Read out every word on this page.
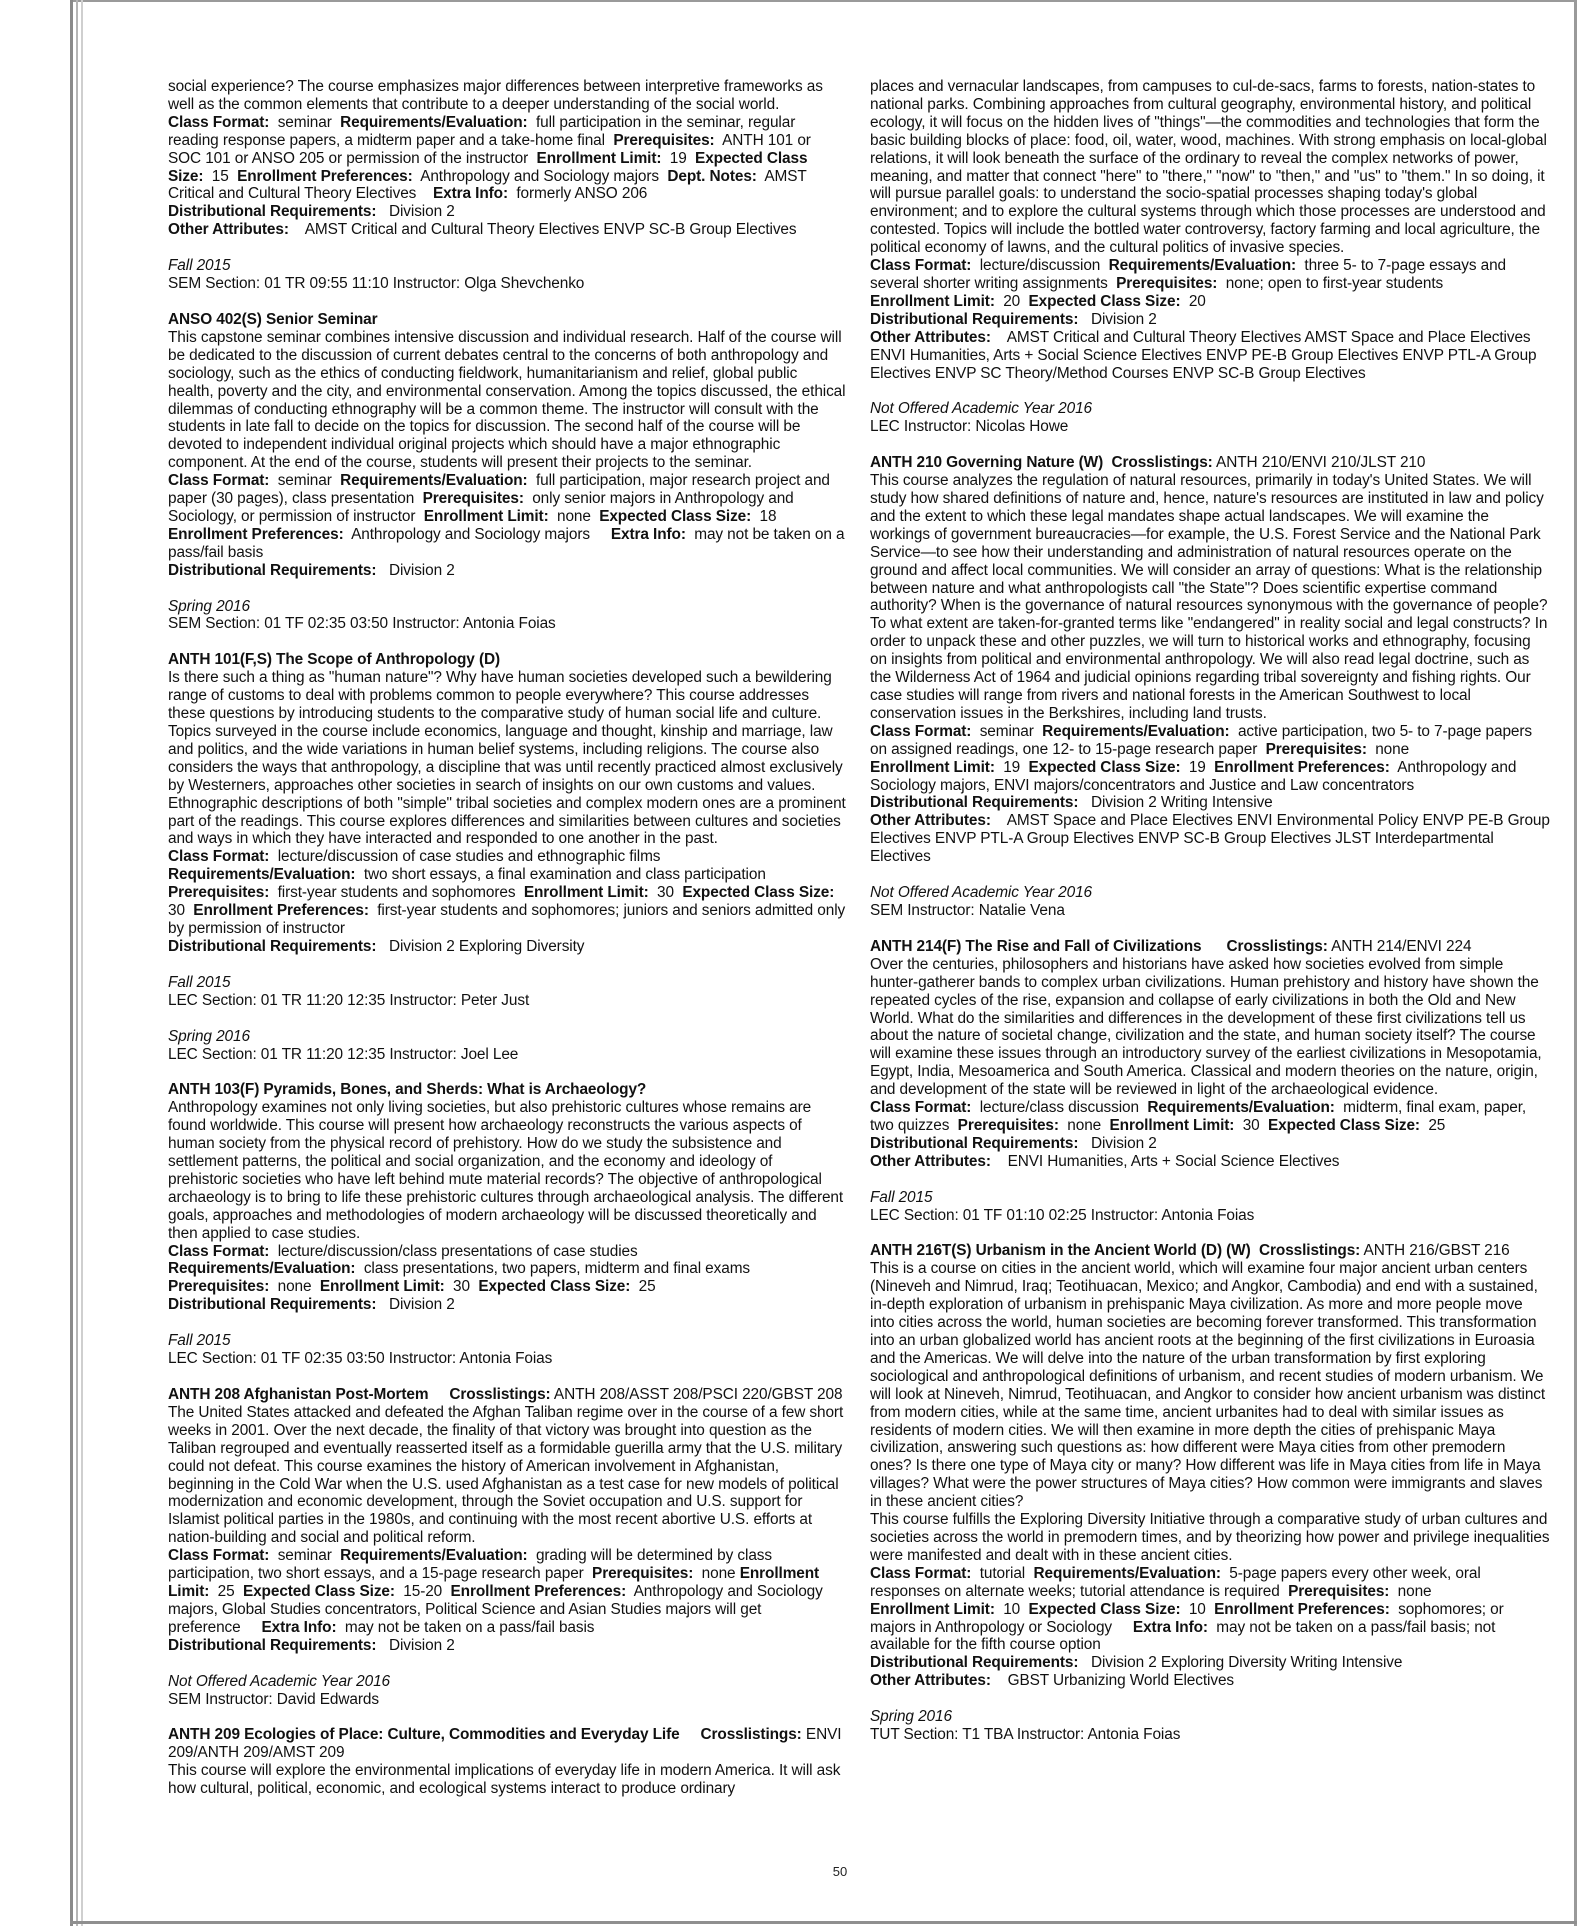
social experience? The course emphasizes major differences between interpretive frameworks as well as the common elements that contribute to a deeper understanding of the social world.

Class Format: seminar Requirements/Evaluation: full participation in the seminar, regular reading response papers, a midterm paper and a take-home final Prerequisites: ANTH 101 or SOC 101 or ANSO 205 or permission of the instructor Enrollment Limit: 19 Expected Class Size: 15 Enrollment Preferences: Anthropology and Sociology majors Dept. Notes: AMST Critical and Cultural Theory Electives Extra Info: formerly ANSO 206

Distributional Requirements: Division 2

Other Attributes: AMST Critical and Cultural Theory Electives ENVP SC-B Group Electives

Fall 2015

SEM Section: 01 TR 09:55 11:10 Instructor: Olga Shevchenko

ANSO 402(S) Senior Seminar

This capstone seminar combines intensive discussion and individual research. Half of the course will be dedicated to the discussion of current debates central to the concerns of both anthropology and sociology, such as the ethics of conducting fieldwork, humanitarianism and relief, global public health, poverty and the city, and environmental conservation. Among the topics discussed, the ethical dilemmas of conducting ethnography will be a common theme. The instructor will consult with the students in late fall to decide on the topics for discussion. The second half of the course will be devoted to independent individual original projects which should have a major ethnographic component. At the end of the course, students will present their projects to the seminar.

Class Format: seminar Requirements/Evaluation: full participation, major research project and paper (30 pages), class presentation Prerequisites: only senior majors in Anthropology and Sociology, or permission of instructor Enrollment Limit: none Expected Class Size: 18 Enrollment Preferences: Anthropology and Sociology majors Extra Info: may not be taken on a pass/fail basis

Distributional Requirements: Division 2

Spring 2016

SEM Section: 01 TF 02:35 03:50 Instructor: Antonia Foias

ANTH 101(F,S) The Scope of Anthropology (D)

Is there such a thing as "human nature"? Why have human societies developed such a bewildering range of customs to deal with problems common to people everywhere? This course addresses these questions by introducing students to the comparative study of human social life and culture. Topics surveyed in the course include economics, language and thought, kinship and marriage, law and politics, and the wide variations in human belief systems, including religions. The course also considers the ways that anthropology, a discipline that was until recently practiced almost exclusively by Westerners, approaches other societies in search of insights on our own customs and values. Ethnographic descriptions of both "simple" tribal societies and complex modern ones are a prominent part of the readings. This course explores differences and similarities between cultures and societies and ways in which they have interacted and responded to one another in the past.

Class Format: lecture/discussion of case studies and ethnographic films
Requirements/Evaluation: two short essays, a final examination and class participation
Prerequisites: first-year students and sophomores Enrollment Limit: 30 Expected Class Size:  30 Enrollment Preferences: first-year students and sophomores; juniors and seniors admitted only by permission of instructor

Distributional Requirements: Division 2 Exploring Diversity

Fall 2015

LEC Section: 01 TR 11:20 12:35 Instructor: Peter Just

Spring 2016

LEC Section: 01 TR 11:20 12:35 Instructor: Joel Lee

ANTH 103(F) Pyramids, Bones, and Sherds: What is Archaeology?

Anthropology examines not only living societies, but also prehistoric cultures whose remains are found worldwide. This course will present how archaeology reconstructs the various aspects of human society from the physical record of prehistory. How do we study the subsistence and settlement patterns, the political and social organization, and the economy and ideology of prehistoric societies who have left behind mute material records? The objective of anthropological archaeology is to bring to life these prehistoric cultures through archaeological analysis. The different goals, approaches and methodologies of modern archaeology will be discussed theoretically and then applied to case studies.

Class Format: lecture/discussion/class presentations of case studies
Requirements/Evaluation: class presentations, two papers, midterm and final exams
Prerequisites: none Enrollment Limit: 30 Expected Class Size: 25

Distributional Requirements: Division 2

Fall 2015

LEC Section: 01 TF 02:35 03:50 Instructor: Antonia Foias

ANTH 208 Afghanistan Post-Mortem Crosslistings: ANTH 208/ASST 208/PSCI 220/GBST 208

The United States attacked and defeated the Afghan Taliban regime over in the course of a few short weeks in 2001. Over the next decade, the finality of that victory was brought into question as the Taliban regrouped and eventually reasserted itself as a formidable guerilla army that the U.S. military could not defeat. This course examines the history of American involvement in Afghanistan, beginning in the Cold War when the U.S. used Afghanistan as a test case for new models of political modernization and economic development, through the Soviet occupation and U.S. support for Islamist political parties in the 1980s, and continuing with the most recent abortive U.S. efforts at nation-building and social and political reform.

Class Format: seminar Requirements/Evaluation: grading will be determined by class participation, two short essays, and a 15-page research paper Prerequisites: none Enrollment Limit: 25 Expected Class Size: 15-20 Enrollment Preferences: Anthropology and Sociology majors, Global Studies concentrators, Political Science and Asian Studies majors will get preference Extra Info: may not be taken on a pass/fail basis

Distributional Requirements: Division 2

Not Offered Academic Year 2016

SEM Instructor: David Edwards

ANTH 209 Ecologies of Place: Culture, Commodities and Everyday Life Crosslistings: ENVI 209/ANTH 209/AMST 209

This course will explore the environmental implications of everyday life in modern America. It will ask how cultural, political, economic, and ecological systems interact to produce ordinary

places and vernacular landscapes, from campuses to cul-de-sacs, farms to forests, nation-states to national parks. Combining approaches from cultural geography, environmental history, and political ecology, it will focus on the hidden lives of "things"—the commodities and technologies that form the basic building blocks of place: food, oil, water, wood, machines. With strong emphasis on local-global relations, it will look beneath the surface of the ordinary to reveal the complex networks of power, meaning, and matter that connect "here" to "there," "now" to "then," and "us" to "them." In so doing, it will pursue parallel goals: to understand the socio-spatial processes shaping today's global environment; and to explore the cultural systems through which those processes are understood and contested. Topics will include the bottled water controversy, factory farming and local agriculture, the political economy of lawns, and the cultural politics of invasive species.

Class Format: lecture/discussion Requirements/Evaluation: three 5- to 7-page essays and several shorter writing assignments Prerequisites: none; open to first-year students
Enrollment Limit: 20 Expected Class Size: 20

Distributional Requirements: Division 2

Other Attributes: AMST Critical and Cultural Theory Electives AMST Space and Place Electives ENVI Humanities, Arts + Social Science Electives ENVP PE-B Group Electives ENVP PTL-A Group Electives ENVP SC Theory/Method Courses ENVP SC-B Group Electives

Not Offered Academic Year 2016

LEC Instructor: Nicolas Howe

ANTH 210 Governing Nature (W) Crosslistings: ANTH 210/ENVI 210/JLST 210

This course analyzes the regulation of natural resources, primarily in today's United States. We will study how shared definitions of nature and, hence, nature's resources are instituted in law and policy and the extent to which these legal mandates shape actual landscapes. We will examine the workings of government bureaucracies—for example, the U.S. Forest Service and the National Park Service—to see how their understanding and administration of natural resources operate on the ground and affect local communities. We will consider an array of questions: What is the relationship between nature and what anthropologists call "the State"? Does scientific expertise command authority? When is the governance of natural resources synonymous with the governance of people? To what extent are taken-for-granted terms like "endangered" in reality social and legal constructs? In order to unpack these and other puzzles, we will turn to historical works and ethnography, focusing on insights from political and environmental anthropology. We will also read legal doctrine, such as the Wilderness Act of 1964 and judicial opinions regarding tribal sovereignty and fishing rights. Our case studies will range from rivers and national forests in the American Southwest to local conservation issues in the Berkshires, including land trusts.

Class Format: seminar Requirements/Evaluation: active participation, two 5- to 7-page papers on assigned readings, one 12- to 15-page research paper Prerequisites: none
Enrollment Limit: 19 Expected Class Size: 19 Enrollment Preferences: Anthropology and Sociology majors, ENVI majors/concentrators and Justice and Law concentrators

Distributional Requirements: Division 2 Writing Intensive

Other Attributes: AMST Space and Place Electives ENVI Environmental Policy ENVP PE-B Group Electives ENVP PTL-A Group Electives ENVP SC-B Group Electives JLST Interdepartmental Electives

Not Offered Academic Year 2016

SEM Instructor: Natalie Vena

ANTH 214(F) The Rise and Fall of Civilizations Crosslistings: ANTH 214/ENVI 224

Over the centuries, philosophers and historians have asked how societies evolved from simple hunter-gatherer bands to complex urban civilizations. Human prehistory and history have shown the repeated cycles of the rise, expansion and collapse of early civilizations in both the Old and New World. What do the similarities and differences in the development of these first civilizations tell us about the nature of societal change, civilization and the state, and human society itself? The course will examine these issues through an introductory survey of the earliest civilizations in Mesopotamia, Egypt, India, Mesoamerica and South America. Classical and modern theories on the nature, origin, and development of the state will be reviewed in light of the archaeological evidence.

Class Format: lecture/class discussion Requirements/Evaluation: midterm, final exam, paper, two quizzes Prerequisites: none Enrollment Limit: 30 Expected Class Size: 25

Distributional Requirements: Division 2

Other Attributes: ENVI Humanities, Arts + Social Science Electives

Fall 2015

LEC Section: 01 TF 01:10 02:25 Instructor: Antonia Foias

ANTH 216T(S) Urbanism in the Ancient World (D) (W) Crosslistings: ANTH 216/GBST 216

This is a course on cities in the ancient world, which will examine four major ancient urban centers (Nineveh and Nimrud, Iraq; Teotihuacan, Mexico; and Angkor, Cambodia) and end with a sustained, in-depth exploration of urbanism in prehispanic Maya civilization. As more and more people move into cities across the world, human societies are becoming forever transformed. This transformation into an urban globalized world has ancient roots at the beginning of the first civilizations in Euroasia and the Americas. We will delve into the nature of the urban transformation by first exploring sociological and anthropological definitions of urbanism, and recent studies of modern urbanism. We will look at Nineveh, Nimrud, Teotihuacan, and Angkor to consider how ancient urbanism was distinct from modern cities, while at the same time, ancient urbanites had to deal with similar issues as residents of modern cities. We will then examine in more depth the cities of prehispanic Maya civilization, answering such questions as: how different were Maya cities from other premodern ones? Is there one type of Maya city or many? How different was life in Maya cities from life in Maya villages? What were the power structures of Maya cities? How common were immigrants and slaves in these ancient cities?

This course fulfills the Exploring Diversity Initiative through a comparative study of urban cultures and societies across the world in premodern times, and by theorizing how power and privilege inequalities were manifested and dealt with in these ancient cities.

Class Format: tutorial Requirements/Evaluation: 5-page papers every other week, oral responses on alternate weeks; tutorial attendance is required Prerequisites: none
Enrollment Limit: 10 Expected Class Size: 10 Enrollment Preferences: sophomores; or majors in Anthropology or Sociology Extra Info: may not be taken on a pass/fail basis; not available for the fifth course option

Distributional Requirements: Division 2 Exploring Diversity Writing Intensive

Other Attributes: GBST Urbanizing World Electives

Spring 2016

TUT Section: T1 TBA Instructor: Antonia Foias

50
